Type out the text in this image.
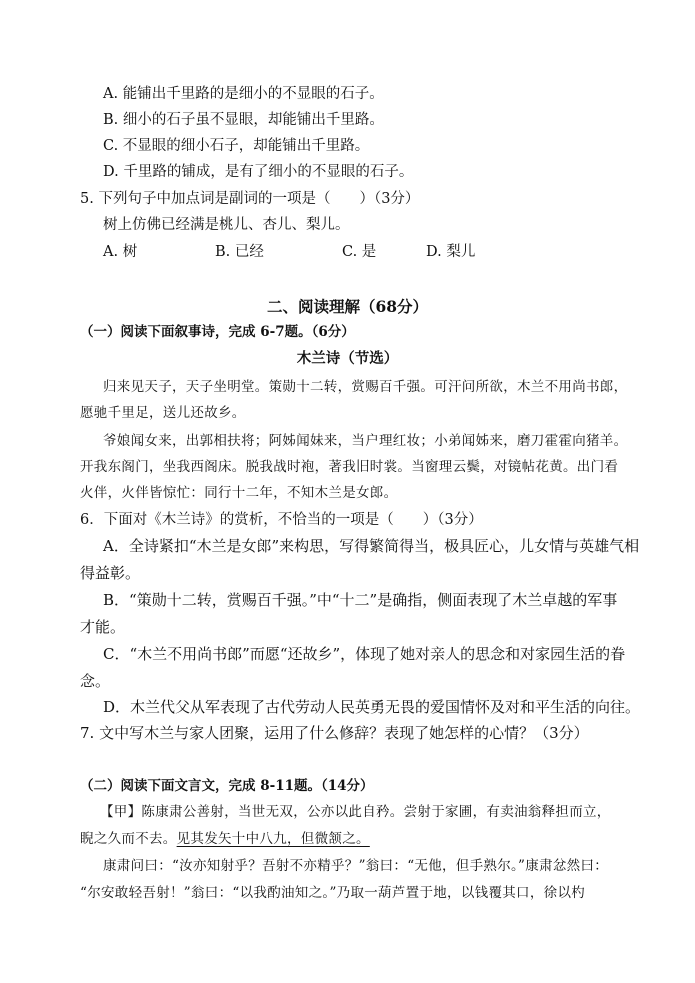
A. 能铺出千里路的是细小的不显眼的石子。
B. 细小的石子虽不显眼，却能铺出千里路。
C. 不显眼的细小石子，却能铺出千里路。
D. 千里路的铺成，是有了细小的不显眼的石子。
5. 下列句子中加点词是副词的一项是（　　）（3分）
树上仿佛已经满是桃儿、杏儿、梨儿。
A. 树	B. 已经	C. 是	D. 梨儿
二、阅读理解（68分）
（一）阅读下面叙事诗，完成 6-7题。（6分）
木兰诗（节选）
归来见天子，天子坐明堂。策勋十二转，赏赐百千强。可汗问所欲，木兰不用尚书郎，
愿驰千里足，送儿还故乡。
爷娘闻女来，出郭相扶将；阿姊闻妹来，当户理红妆；小弟闻姊来，磨刀霍霍向猪羊。
开我东阁门，坐我西阁床。脱我战时袍，著我旧时裳。当窗理云鬓，对镜帖花黄。出门看
火伴，火伴皆惊忙：同行十二年，不知木兰是女郎。
6．下面对《木兰诗》的赏析，不恰当的一项是（　　）（3分）
A．全诗紧扣“木兰是女郎”来构思，写得繁简得当，极具匠心，儿女情与英雄气相
得益彰。
B．“策勋十二转，赏赐百千强。”中“十二”是确指，侧面表现了木兰卓越的军事
才能。
C．“木兰不用尚书郎”而愿“还故乡”，体现了她对亲人的思念和对家园生活的眷
念。
D．木兰代父从军表现了古代劳动人民英勇无畏的爱国情怀及对和平生活的向往。
7. 文中写木兰与家人团聚，运用了什么修辞？表现了她怎样的心情？（3分）
（二）阅读下面文言文，完成 8-11题。（14分）
【甲】陈康肃公善射，当世无双，公亦以此自矜。尝射于家圃，有卖油翁释担而立，
睨之久而不去。见其发矢十中八九，但微颔之。
康肃问曰：“汝亦知射乎？吾射不亦精乎？”翁曰：“无他，但手熟尔。”康肃忿然曰：
“尔安敢轻吾射！”翁曰：“以我酌油知之。”乃取一葫芦置于地，以钱覆其口，徐以杓
